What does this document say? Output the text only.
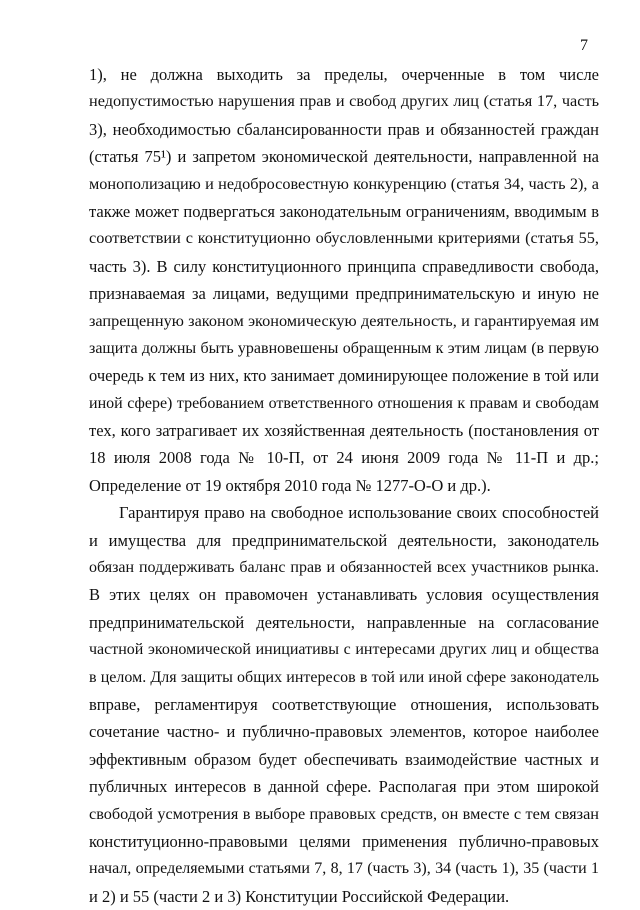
7
1), не должна выходить за пределы, очерченные в том числе
недопустимостью нарушения прав и свобод других лиц (статья 17, часть
3), необходимостью сбалансированности прав и обязанностей граждан
(статья 75¹) и запретом экономической деятельности, направленной на
монополизацию и недобросовестную конкуренцию (статья 34, часть 2), а
также может подвергаться законодательным ограничениям, вводимым в
соответствии с конституционно обусловленными критериями (статья 55,
часть 3). В силу конституционного принципа справедливости свобода,
признаваемая за лицами, ведущими предпринимательскую и иную не
запрещенную законом экономическую деятельность, и гарантируемая им
защита должны быть уравновешены обращенным к этим лицам (в первую
очередь к тем из них, кто занимает доминирующее положение в той или
иной сфере) требованием ответственного отношения к правам и свободам
тех, кого затрагивает их хозяйственная деятельность (постановления от
18 июля 2008 года № 10-П, от 24 июня 2009 года № 11-П и др.;
Определение от 19 октября 2010 года № 1277-О-О и др.).
Гарантируя право на свободное использование своих способностей
и имущества для предпринимательской деятельности, законодатель
обязан поддерживать баланс прав и обязанностей всех участников рынка.
В этих целях он правомочен устанавливать условия осуществления
предпринимательской деятельности, направленные на согласование
частной экономической инициативы с интересами других лиц и общества
в целом. Для защиты общих интересов в той или иной сфере законодатель
вправе, регламентируя соответствующие отношения, использовать
сочетание частно- и публично-правовых элементов, которое наиболее
эффективным образом будет обеспечивать взаимодействие частных и
публичных интересов в данной сфере. Располагая при этом широкой
свободой усмотрения в выборе правовых средств, он вместе с тем связан
конституционно-правовыми целями применения публично-правовых
начал, определяемыми статьями 7, 8, 17 (часть 3), 34 (часть 1), 35 (части 1
и 2) и 55 (части 2 и 3) Конституции Российской Федерации.
